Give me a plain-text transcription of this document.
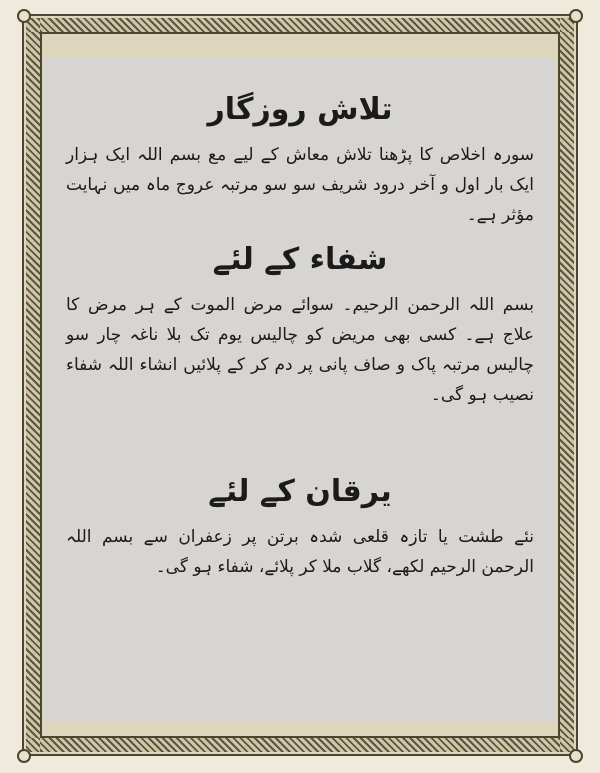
تلاش روزگار

سورہ اخلاص کا پڑھنا تلاش معاش کے لیے مع بسم اللہ ایک ہزار ایک بار اول و آخر درود شریف سو سو مرتبہ عروج ماہ میں نہایت مؤثر ہے۔

شفاء کے لئے

بسم اللہ الرحمن الرحیم۔ سوائے مرض الموت کے ہر مرض کا علاج ہے۔ کسی بھی مریض کو چالیس یوم تک بلا ناغہ چار سو چالیس مرتبہ پاک و صاف پانی پر دم کر کے پلائیں انشاء اللہ شفاء نصیب ہو گی۔

یرقان کے لئے

نئے طشت یا تازہ قلعی شدہ برتن پر زعفران سے بسم اللہ الرحمن الرحیم لکھے، گلاب ملا کر پلائے، شفاء ہو گی۔
